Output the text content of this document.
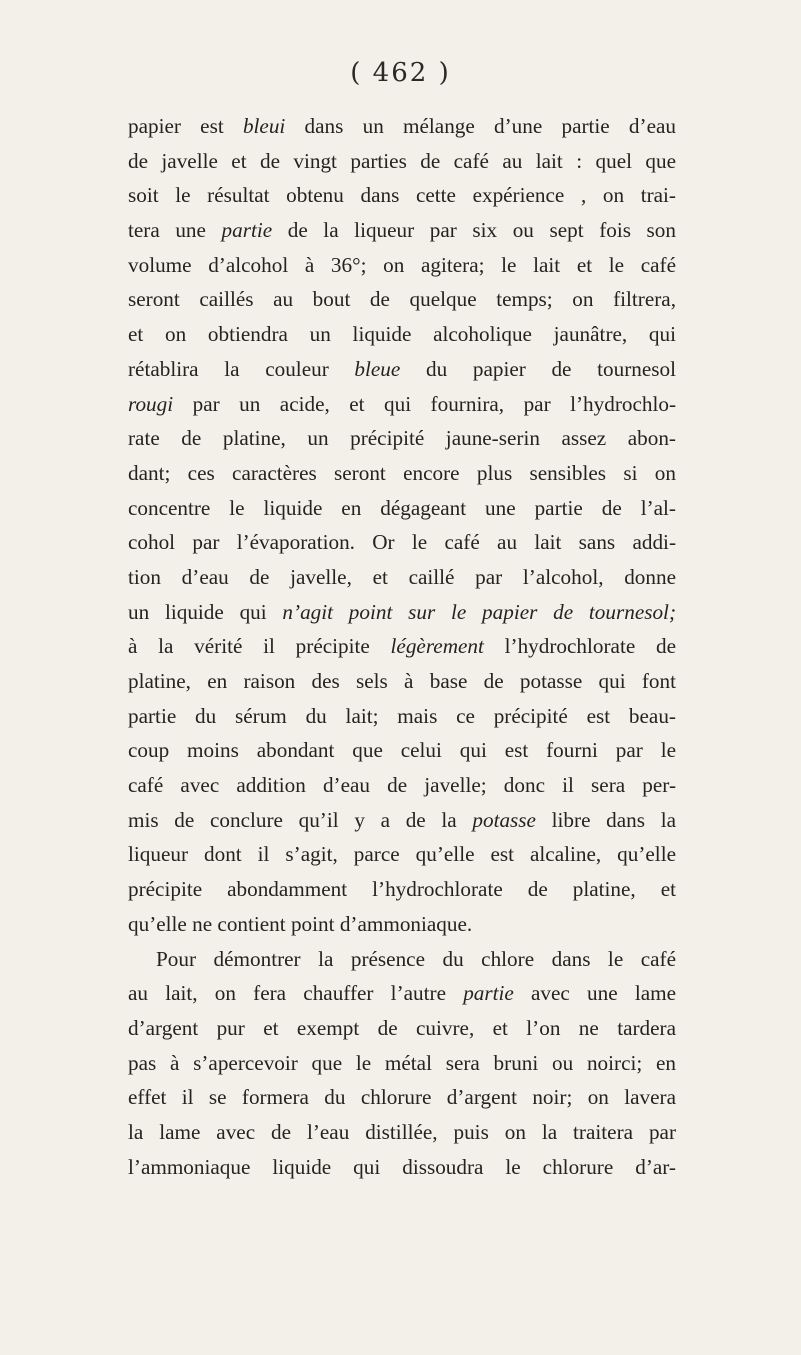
( 462 )
papier est bleui dans un mélange d’une partie d’eau
de javelle et de vingt parties de café au lait : quel que
soit le résultat obtenu dans cette expérience , on trai-
tera une partie de la liqueur par six ou sept fois son
volume d’alcohol à 36°; on agitera; le lait et le café
seront caillés au bout de quelque temps; on filtrera,
et on obtiendra un liquide alcoholique jaunâtre, qui
rétablira la couleur bleue du papier de tournesol
rougi par un acide, et qui fournira, par l’hydrochlo-
rate de platine, un précipité jaune-serin assez abon-
dant; ces caractères seront encore plus sensibles si on
concentre le liquide en dégageant une partie de l’al-
cohol par l’évaporation. Or le café au lait sans addi-
tion d’eau de javelle, et caillé par l’alcohol, donne
un liquide qui n’agit point sur le papier de tournesol;
à la vérité il précipite légèrement l’hydrochlorate de
platine, en raison des sels à base de potasse qui font
partie du sérum du lait; mais ce précipité est beau-
coup moins abondant que celui qui est fourni par le
café avec addition d’eau de javelle; donc il sera per-
mis de conclure qu’il y a de la potasse libre dans la
liqueur dont il s’agit, parce qu’elle est alcaline, qu’elle
précipite abondamment l’hydrochlorate de platine, et
qu’elle ne contient point d’ammoniaque.
Pour démontrer la présence du chlore dans le café
au lait, on fera chauffer l’autre partie avec une lame
d’argent pur et exempt de cuivre, et l’on ne tardera
pas à s’apercevoir que le métal sera bruni ou noirci; en
effet il se formera du chlorure d’argent noir; on lavera
la lame avec de l’eau distillée, puis on la traitera par
l’ammoniaque liquide qui dissoudra le chlorure d’ar-
